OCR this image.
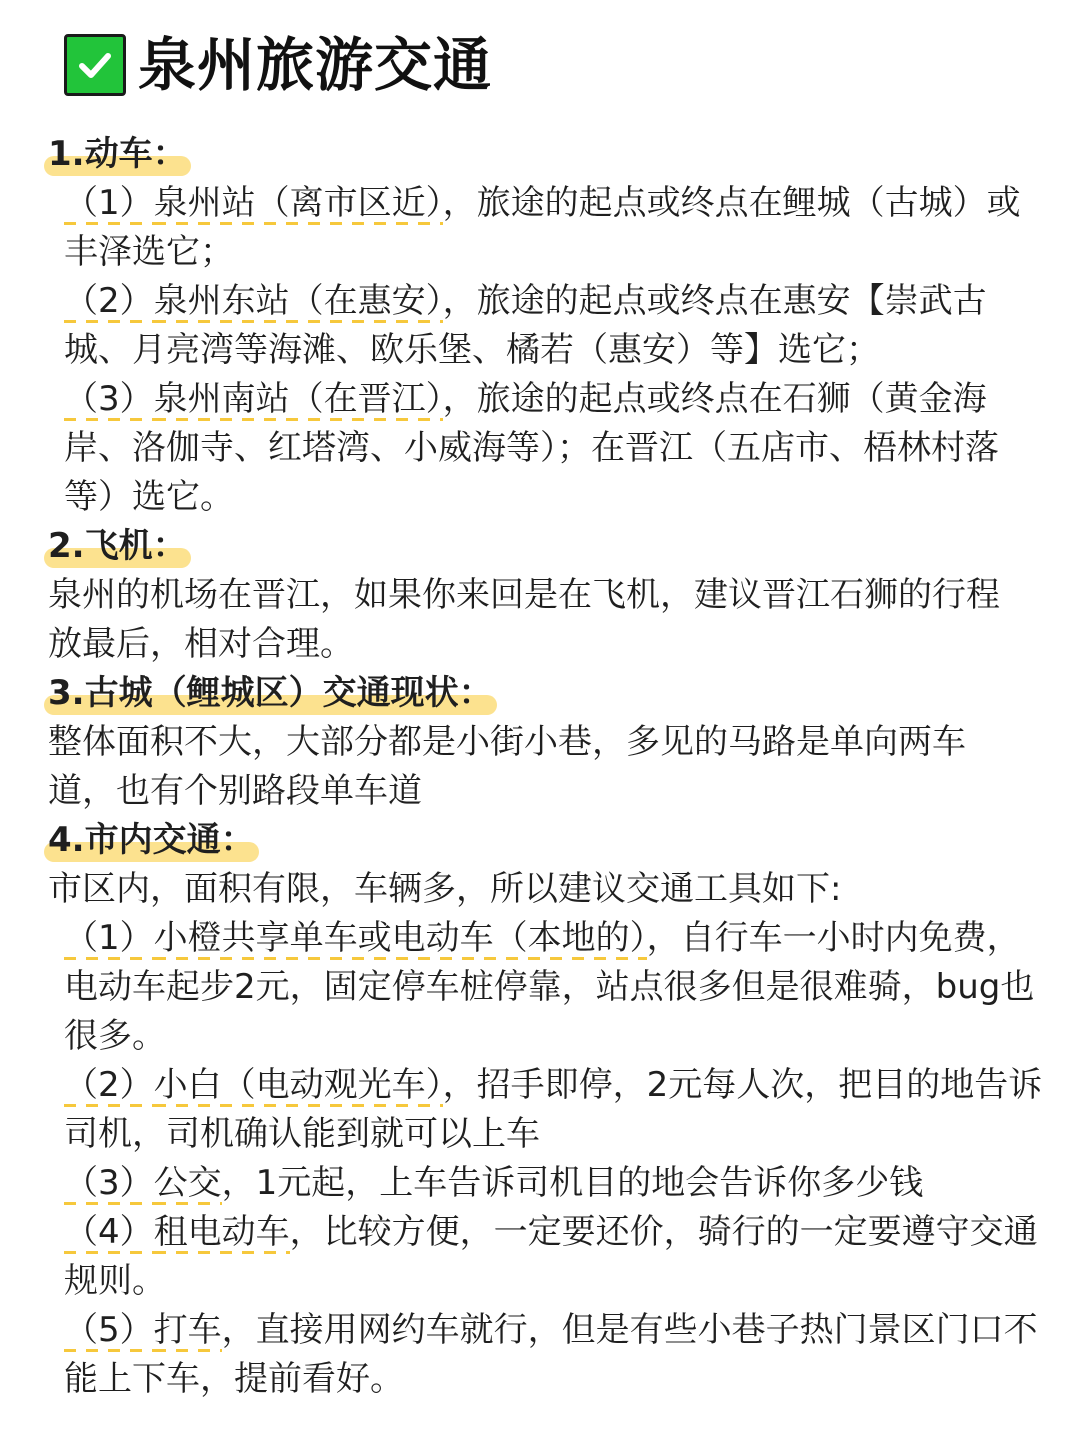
泉州旅游交通
1.动车：

（1）泉州站（离市区近），旅途的起点或终点在鲤城（古城）或丰泽选它；

（2）泉州东站（在惠安），旅途的起点或终点在惠安【崇武古城、月亮湾等海滩、欧乐堡、橘若（惠安）等】选它；

（3）泉州南站（在晋江），旅途的起点或终点在石狮（黄金海岸、洛伽寺、红塔湾、小威海等）；在晋江（五店市、梧林村落等）选它。

2.飞机：

泉州的机场在晋江，如果你来回是在飞机，建议晋江石狮的行程放最后，相对合理。

3.古城（鲤城区）交通现状：

整体面积不大，大部分都是小街小巷，多见的马路是单向两车道，也有个别路段单车道

4.市内交通：

市区内，面积有限，车辆多，所以建议交通工具如下:

（1）小橙共享单车或电动车（本地的），自行车一小时内免费，电动车起步2元，固定停车桩停靠，站点很多但是很难骑，bug也很多。

（2）小白（电动观光车），招手即停，2元每人次，把目的地告诉司机，司机确认能到就可以上车

（3）公交，1元起，上车告诉司机目的地会告诉你多少钱

（4）租电动车，比较方便，一定要还价，骑行的一定要遵守交通规则。

（5）打车，直接用网约车就行，但是有些小巷子热门景区门口不能上下车，提前看好。
